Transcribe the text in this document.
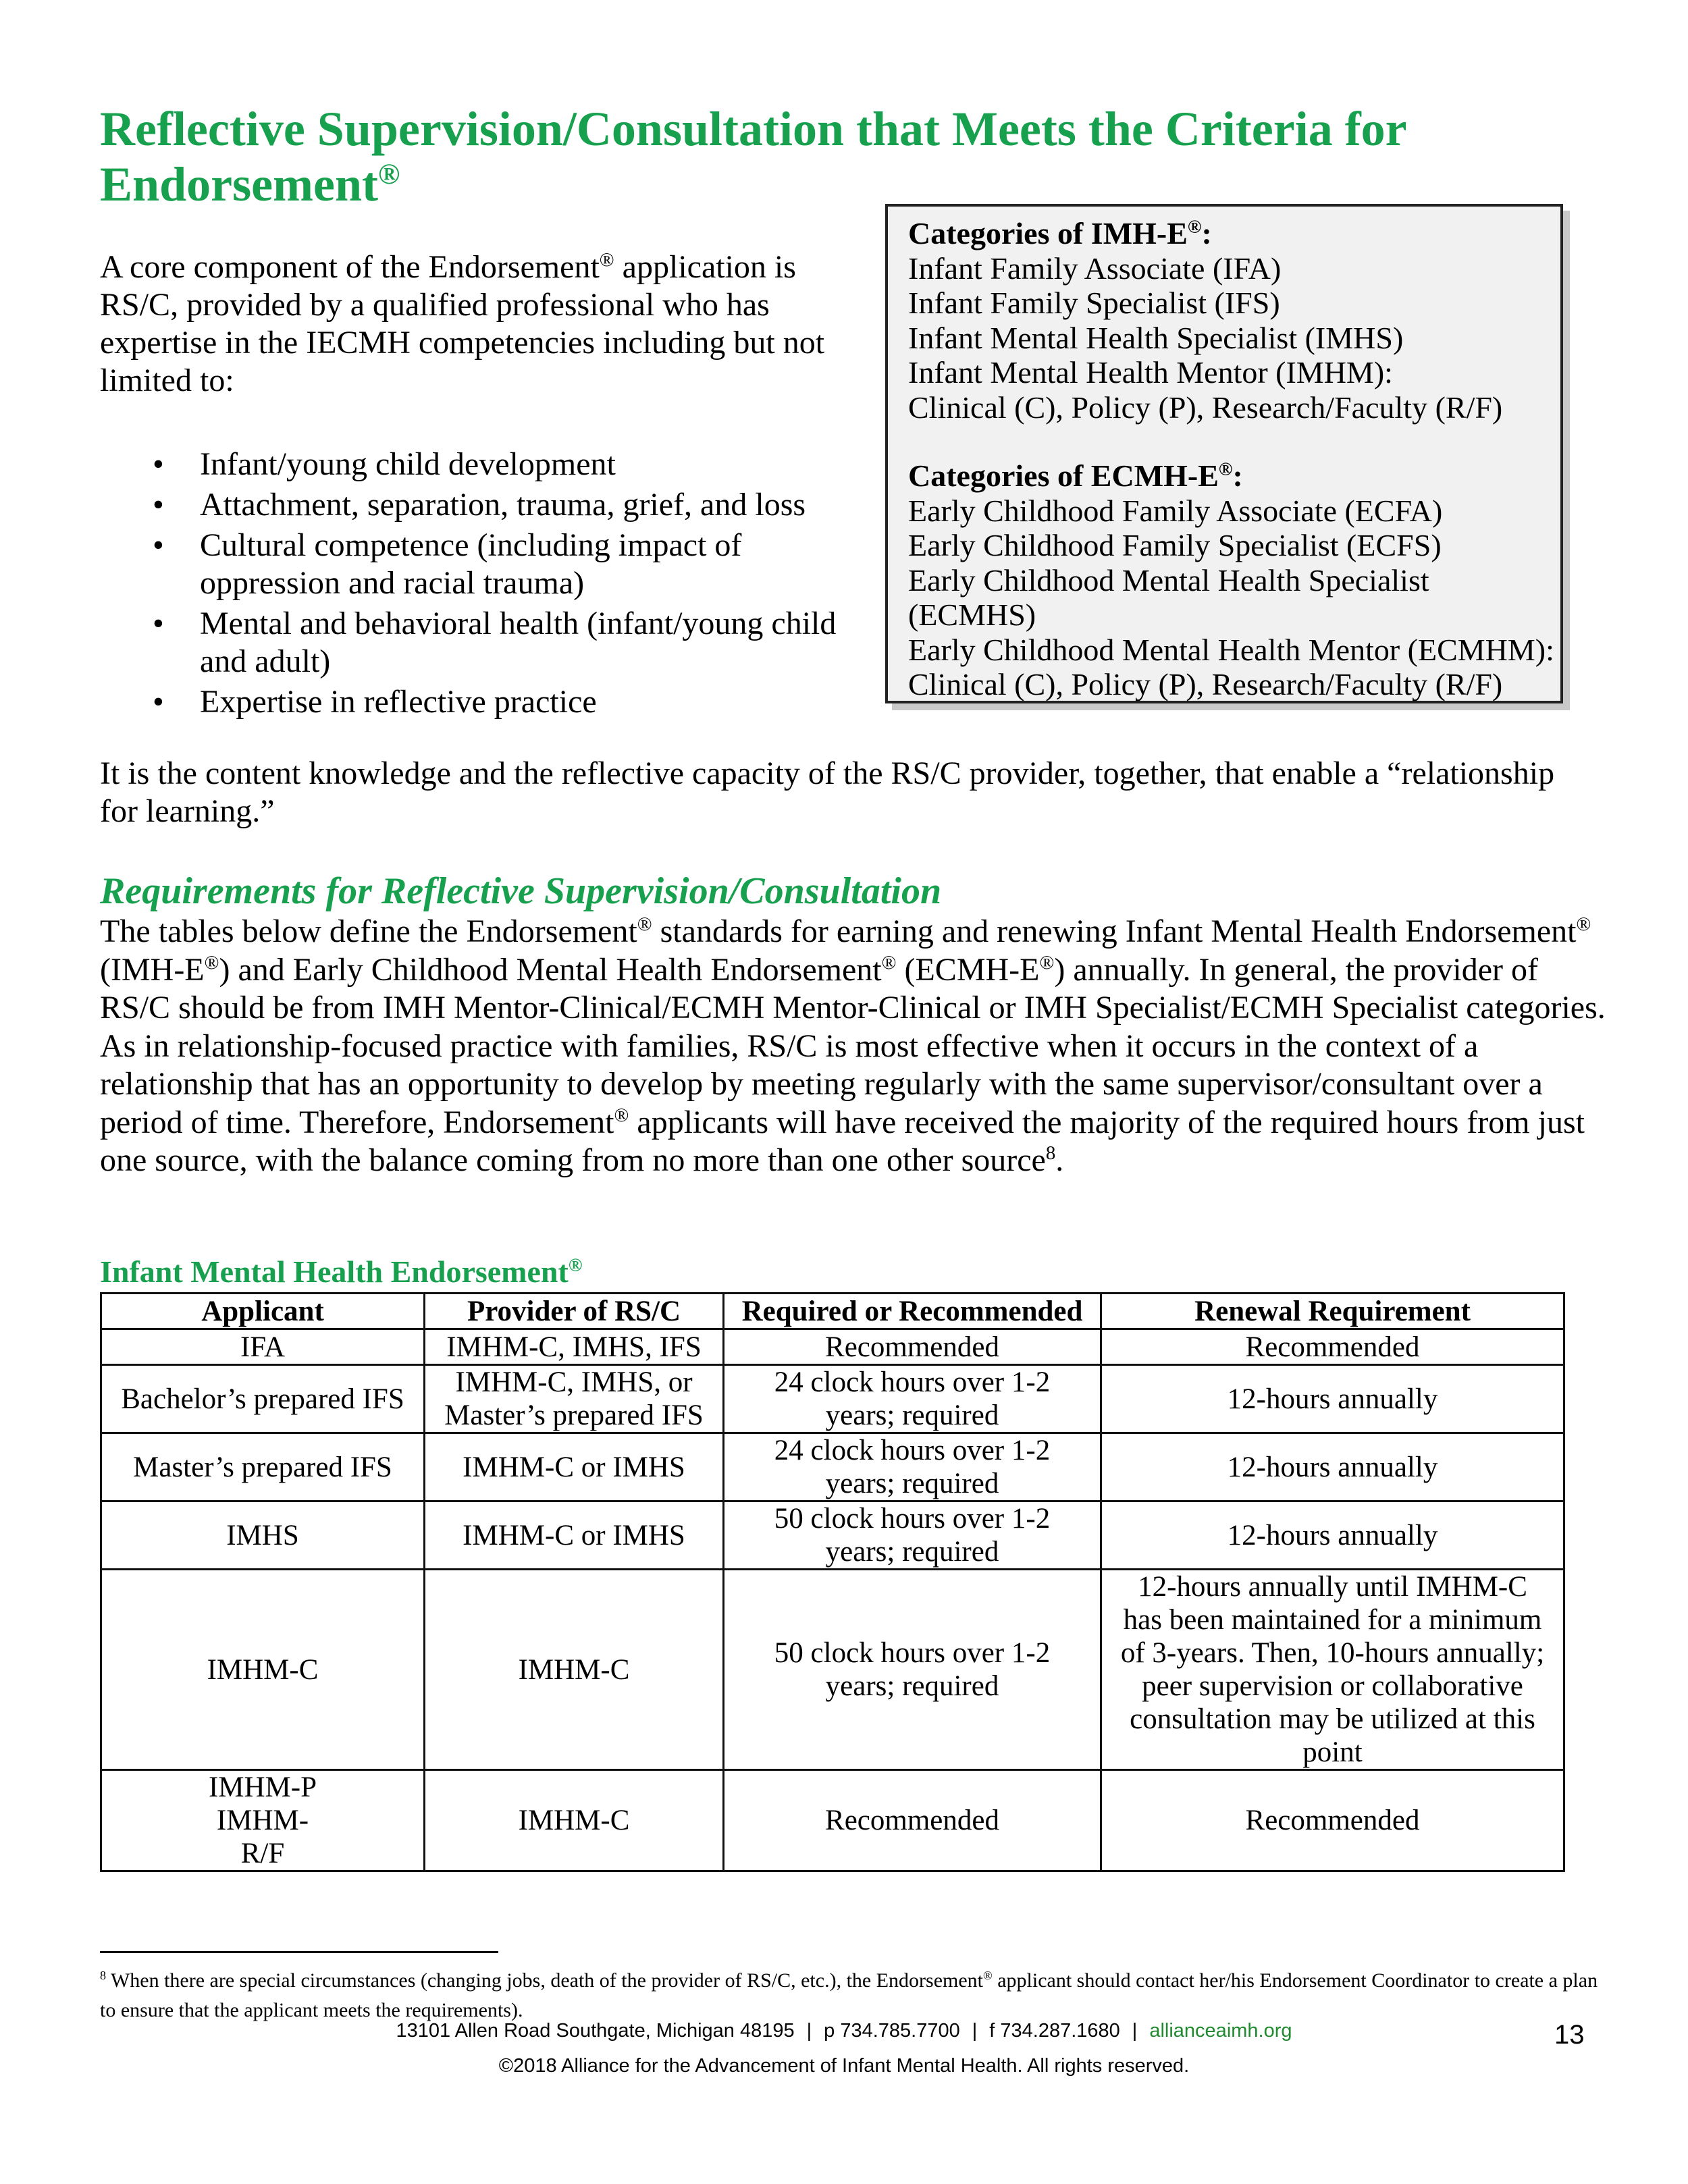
Reflective Supervision/Consultation that Meets the Criteria for
Endorsement®

A core component of the Endorsement® application is RS/C, provided by a qualified professional who has expertise in the IECMH competencies including but not limited to:

• Infant/young child development
• Attachment, separation, trauma, grief, and loss
• Cultural competence (including impact of oppression and racial trauma)
• Mental and behavioral health (infant/young child and adult)
• Expertise in reflective practice
Categories of IMH-E®:
Infant Family Associate (IFA)
Infant Family Specialist (IFS)
Infant Mental Health Specialist (IMHS)
Infant Mental Health Mentor (IMHM):
Clinical (C), Policy (P), Research/Faculty (R/F)
Categories of ECMH-E®:
Early Childhood Family Associate (ECFA)
Early Childhood Family Specialist (ECFS)
Early Childhood Mental Health Specialist (ECMHS)
Early Childhood Mental Health Mentor (ECMHM):
Clinical (C), Policy (P), Research/Faculty (R/F)

It is the content knowledge and the reflective capacity of the RS/C provider, together, that enable a “relationship for learning.”

Requirements for Reflective Supervision/Consultation

The tables below define the Endorsement® standards for earning and renewing Infant Mental Health Endorsement® (IMH-E®) and Early Childhood Mental Health Endorsement® (ECMH-E®) annually. In general, the provider of RS/C should be from IMH Mentor-Clinical/ECMH Mentor-Clinical or IMH Specialist/ECMH Specialist categories. As in relationship-focused practice with families, RS/C is most effective when it occurs in the context of a relationship that has an opportunity to develop by meeting regularly with the same supervisor/consultant over a period of time. Therefore, Endorsement® applicants will have received the majority of the required hours from just one source, with the balance coming from no more than one other source$^8$.

Infant Mental Health Endorsement®
Applicant	Provider of RS/C	Required or Recommended	Renewal Requirement
IFA	IMHM-C, IMHS, IFS	Recommended	Recommended
Bachelor’s prepared IFS	IMHM-C, IMHS, or Master’s prepared IFS	24 clock hours over 1-2 years; required	12-hours annually
Master’s prepared IFS	IMHM-C or IMHS	24 clock hours over 1-2 years; required	12-hours annually
IMHS	IMHM-C or IMHS	50 clock hours over 1-2 years; required	12-hours annually
IMHM-C	IMHM-C	50 clock hours over 1-2 years; required	12-hours annually until IMHM-C has been maintained for a minimum of 3-years. Then, 10-hours annually; peer supervision or collaborative consultation may be utilized at this point
IMHM-P IMHM-R/F	IMHM-C	Recommended	Recommended

$^8$ When there are special circumstances (changing jobs, death of the provider of RS/C, etc.), the Endorsement® applicant should contact her/his Endorsement Coordinator to create a plan to ensure that the applicant meets the requirements).

13101 Allen Road Southgate, Michigan 48195 | p 734.785.7700 | f 734.287.1680 | allianceaimh.org
©2018 Alliance for the Advancement of Infant Mental Health. All rights reserved.
13
